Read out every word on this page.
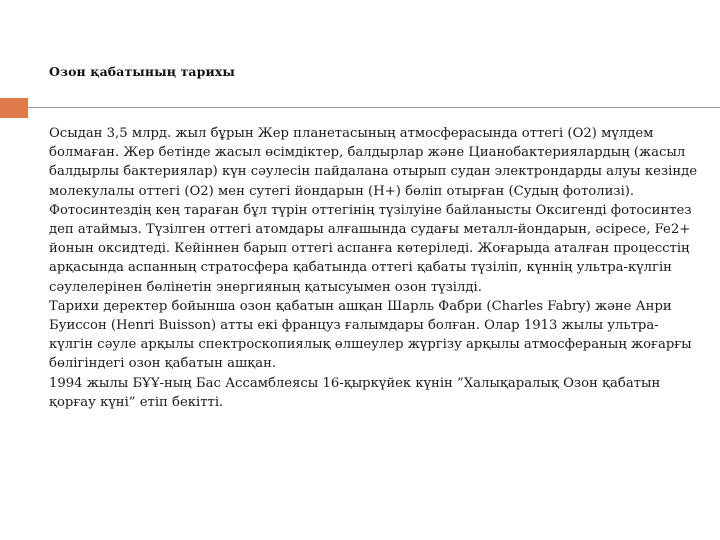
Озон қабатының тарихы

Осыдан 3,5 млрд. жыл бұрын Жер планетасының атмосферасында оттегі (О2) мүлдем болмаған. Жер бетінде жасыл өсімдіктер, балдырлар және Цианобактериялардың (жасыл балдырлы бактериялар) күн сәулесін пайдалана отырып судан электрондарды алуы кезінде молекулалы оттегі (О2) мен сутегі йондарын (Н+) бөліп отырған (Судың фотолизі). Фотосинтездің кең тараған бұл түрін оттегінің түзілуіне байланысты Оксигенді фотосинтез деп атаймыз. Түзілген оттегі атомдары алғашында судағы металл-йондарын, әсіресе, Fe2+ йонын оксидтеді. Кейіннен барып оттегі аспанға көтеріледі. Жоғарыда аталған процесстің арқасында аспанның стратосфера қабатында оттегі қабаты түзіліп, күннің ультра-күлгін сәулелерінен бөлінетін энергияның қатысуымен озон түзілді.

Тарихи деректер бойынша озон қабатын ашқан Шарль Фабри (Charles Fabry) және Анри Буиссон (Henri Buisson) атты екі француз ғалымдары болған. Олар 1913 жылы ультра-күлгін сәуле арқылы спектроскопиялық өлшеулер жүргізу арқылы атмосфераның жоғарғы бөлігіндегі озон қабатын ашқан.

1994 жылы БҰҰ-ның Бас Ассамблеясы 16-қыркүйек күнін ”Халықаралық Озон қабатын қорғау күні” етіп бекітті.
